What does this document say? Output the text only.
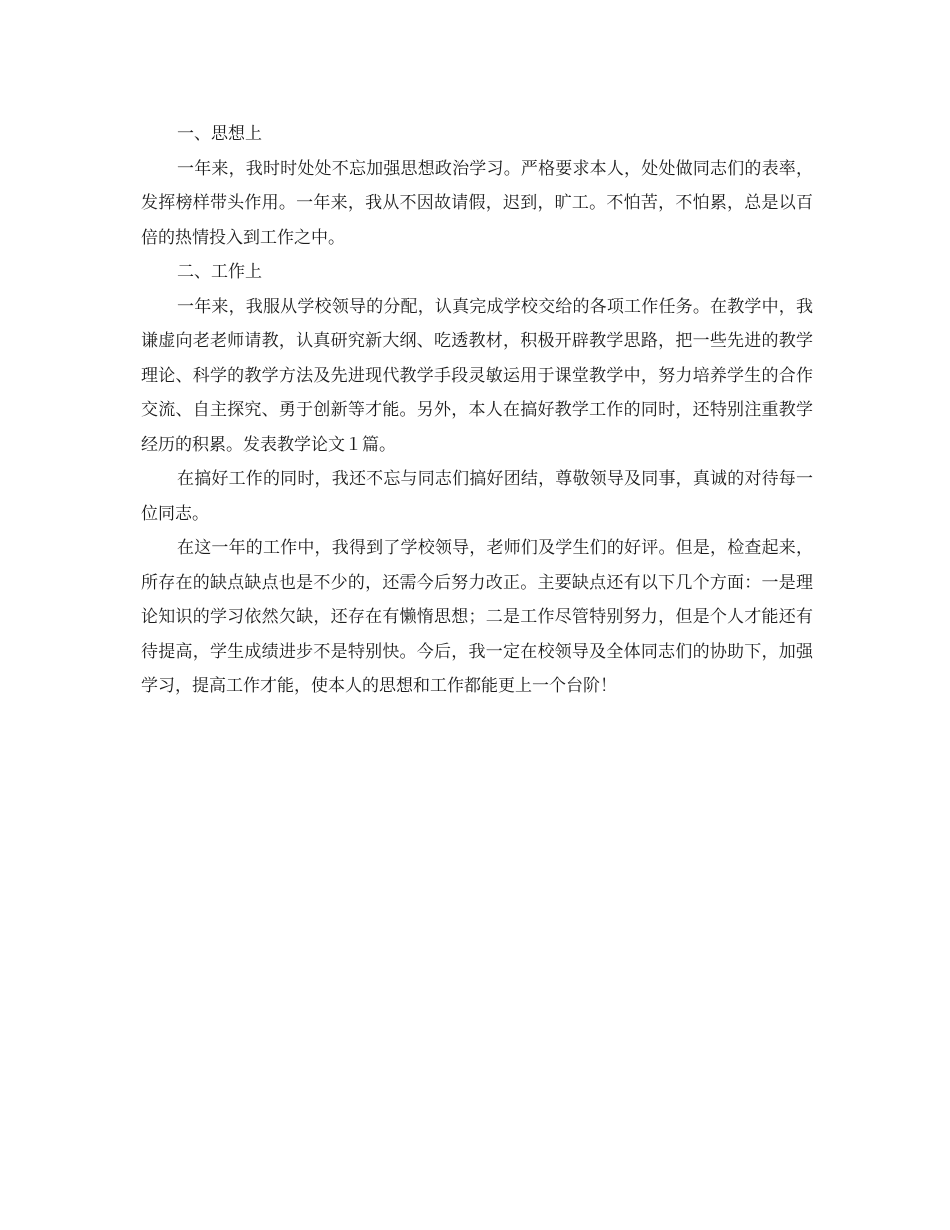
一、思想上

一年来，我时时处处不忘加强思想政治学习。严格要求本人，处处做同志们的表率，发挥榜样带头作用。一年来，我从不因故请假，迟到，旷工。不怕苦，不怕累，总是以百倍的热情投入到工作之中。

二、工作上

一年来，我服从学校领导的分配，认真完成学校交给的各项工作任务。在教学中，我谦虚向老老师请教，认真研究新大纲、吃透教材，积极开辟教学思路，把一些先进的教学理论、科学的教学方法及先进现代教学手段灵敏运用于课堂教学中，努力培养学生的合作交流、自主探究、勇于创新等才能。另外，本人在搞好教学工作的同时，还特别注重教学经历的积累。发表教学论文１篇。

在搞好工作的同时，我还不忘与同志们搞好团结，尊敬领导及同事，真诚的对待每一位同志。

在这一年的工作中，我得到了学校领导，老师们及学生们的好评。但是，检查起来，所存在的缺点缺点也是不少的，还需今后努力改正。主要缺点还有以下几个方面：一是理论知识的学习依然欠缺，还存在有懒惰思想；二是工作尽管特别努力，但是个人才能还有待提高，学生成绩进步不是特别快。今后，我一定在校领导及全体同志们的协助下，加强学习，提高工作才能，使本人的思想和工作都能更上一个台阶！
